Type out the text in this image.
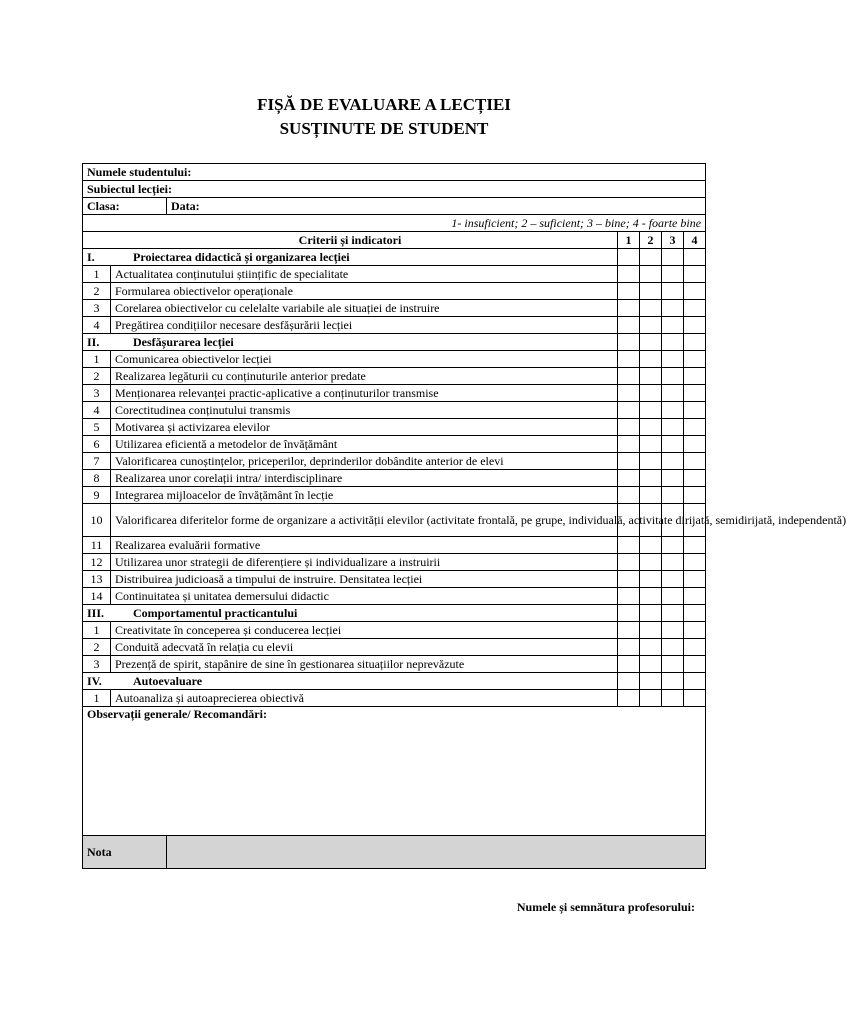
FIȘĂ DE EVALUARE A LECȚIEI
SUSȚINUTE DE STUDENT
Numele studentului:						
Subiectul lecției:						
Clasa:		Data:				
1- insuficient; 2 – suficient; 3 – bine; 4 - foarte bine						
Criterii și indicatori			1	2	3	4
I. Proiectarea didactică și organizarea lecției						
1	Actualitatea conținutului științific de specialitate					
2	Formularea obiectivelor operaționale					
3	Corelarea obiectivelor cu celelalte variabile ale situației de instruire					
4	Pregătirea condițiilor necesare desfășurării lecției					
II. Desfășurarea lecției						
1	Comunicarea obiectivelor lecției					
2	Realizarea legăturii cu conținuturile anterior predate					
3	Menționarea relevanței practic-aplicative a conținuturilor transmise					
4	Corectitudinea conținutului transmis					
5	Motivarea și activizarea elevilor					
6	Utilizarea eficientă a metodelor de învățământ					
7	Valorificarea cunoștințelor, priceperilor, deprinderilor dobândite anterior de elevi					
8	Realizarea unor corelații intra/ interdisciplinare					
9	Integrarea mijloacelor de învățământ în lecție					
10	Valorificarea diferitelor forme de organizare a activității elevilor (activitate frontală, pe grupe, individuală, activitate dirijată, semidirijată, independentă)					
11	Realizarea evaluării formative					
12	Utilizarea unor strategii de diferențiere și individualizare a instruirii					
13	Distribuirea judicioasă a timpului de instruire. Densitatea lecției					
14	Continuitatea și unitatea demersului didactic					
III. Comportamentul practicantului						
1	Creativitate în conceperea și conducerea lecției					
2	Conduită adecvată în relația cu elevii					
3	Prezență de spirit, stapânire de sine în gestionarea situațiilor neprevăzute					
IV. Autoevaluare						
1	Autoanaliza și autoaprecierea obiectivă					
Observații generale/ Recomandări:						
Nota						
Numele și semnătura profesorului:
